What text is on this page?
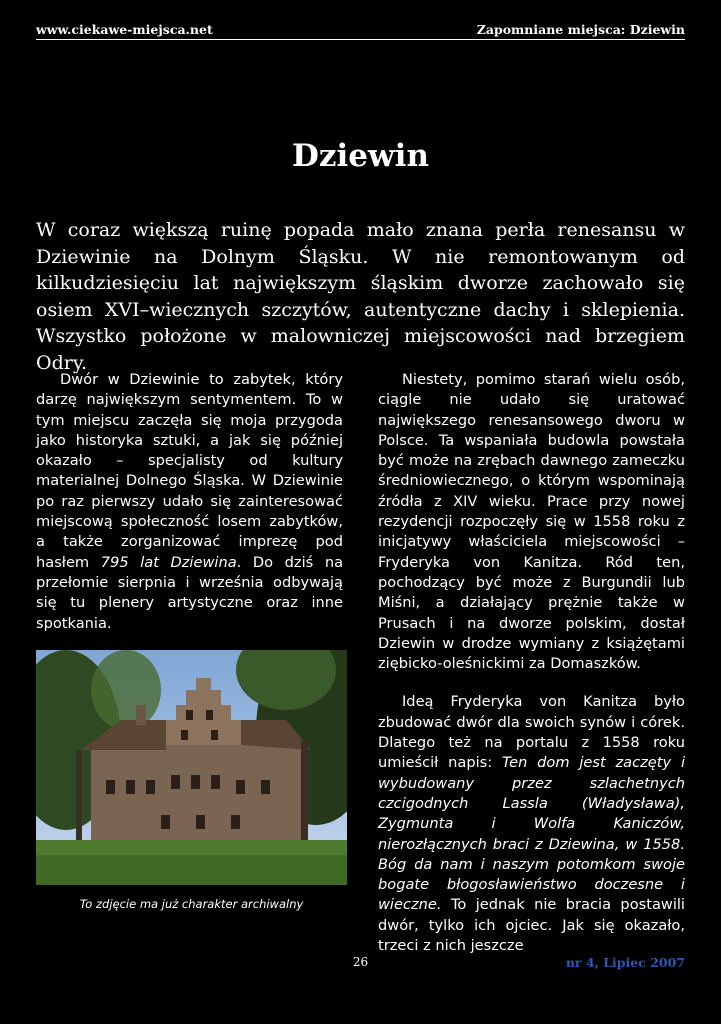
www.ciekawe-miejsca.net	Zapomniane miejsca: Dziewin
Dziewin

W coraz większą ruinę popada mało znana perła renesansu w Dziewinie na Dolnym Śląsku. W nie remontowanym od kilkudziesięciu lat największym śląskim dworze zachowało się osiem XVI–wiecznych szczytów, autentyczne dachy i sklepienia. Wszystko położone w malowniczej miejscowości nad brzegiem Odry.

Dwór w Dziewinie to zabytek, który darzę największym sentymentem. To w tym miejscu zaczęła się moja przygoda jako historyka sztuki, a jak się później okazało – specjalisty od kultury materialnej Dolnego Śląska. W Dziewinie po raz pierwszy udało się zainteresować miejscową społeczność losem zabytków, a także zorganizować imprezę pod hasłem 795 lat Dziewina. Do dziś na przełomie sierpnia i września odbywają się tu plenery artystyczne oraz inne spotkania.

To zdjęcie ma już charakter archiwalny

Niestety, pomimo starań wielu osób, ciągle nie udało się uratować największego renesansowego dworu w Polsce. Ta wspaniała budowla powstała być może na zrębach dawnego zameczku średniowiecznego, o którym wspominają źródła z XIV wieku. Prace przy nowej rezydencji rozpoczęły się w 1558 roku z inicjatywy właściciela miejscowości – Fryderyka von Kanitza. Ród ten, pochodzący być może z Burgundii lub Miśni, a działający prężnie także w Prusach i na dworze polskim, dostał Dziewin w drodze wymiany z książętami ziębicko-oleśnickimi za Domaszków.

Ideą Fryderyka von Kanitza było zbudować dwór dla swoich synów i córek. Dlatego też na portalu z 1558 roku umieścił napis: Ten dom jest zaczęty i wybudowany przez szlachetnych czcigodnych Lassla (Władysława), Zygmunta i Wolfa Kaniczów, nierozłącznych braci z Dziewina, w 1558. Bóg da nam i naszym potomkom swoje bogate błogosławieństwo doczesne i wieczne. To jednak nie bracia postawili dwór, tylko ich ojciec. Jak się okazało, trzeci z nich jeszcze

26	nr 4, Lipiec 2007
